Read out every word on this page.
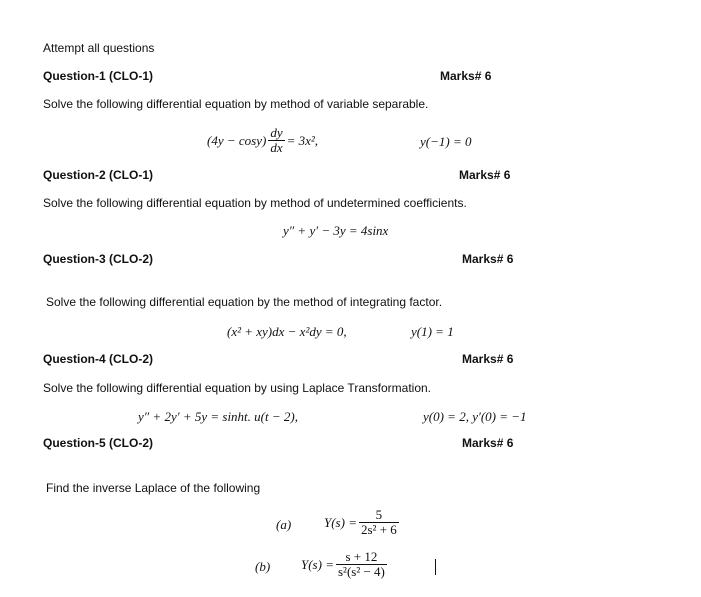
Attempt all questions
Question-1 (CLO-1)	Marks# 6
Solve the following differential equation by method of variable separable.
$(4y - \cos y) \frac{dy}{dx} = 3x^2$,	y(−1) = 0
Question-2 (CLO-1)	Marks# 6
Solve the following differential equation by method of undetermined coefficients.
y″ + y′ − 3y = 4sinx
Question-3 (CLO-2)	Marks# 6
Solve the following differential equation by the method of integrating factor.
(x² + xy)dx − x²dy = 0,	y(1) = 1
Question-4 (CLO-2)	Marks# 6
Solve the following differential equation by using Laplace Transformation.
y″ + 2y′ + 5y = sinht. u(t − 2),	y(0) = 2, y′(0) = −1
Question-5 (CLO-2)	Marks# 6
Find the inverse Laplace of the following
(a)	$Y(s) = \frac{5}{\text{2s² + 6}}$
(b) $Y(s) = \frac{s + 12}{\text{s²(s² − 4)}}$
